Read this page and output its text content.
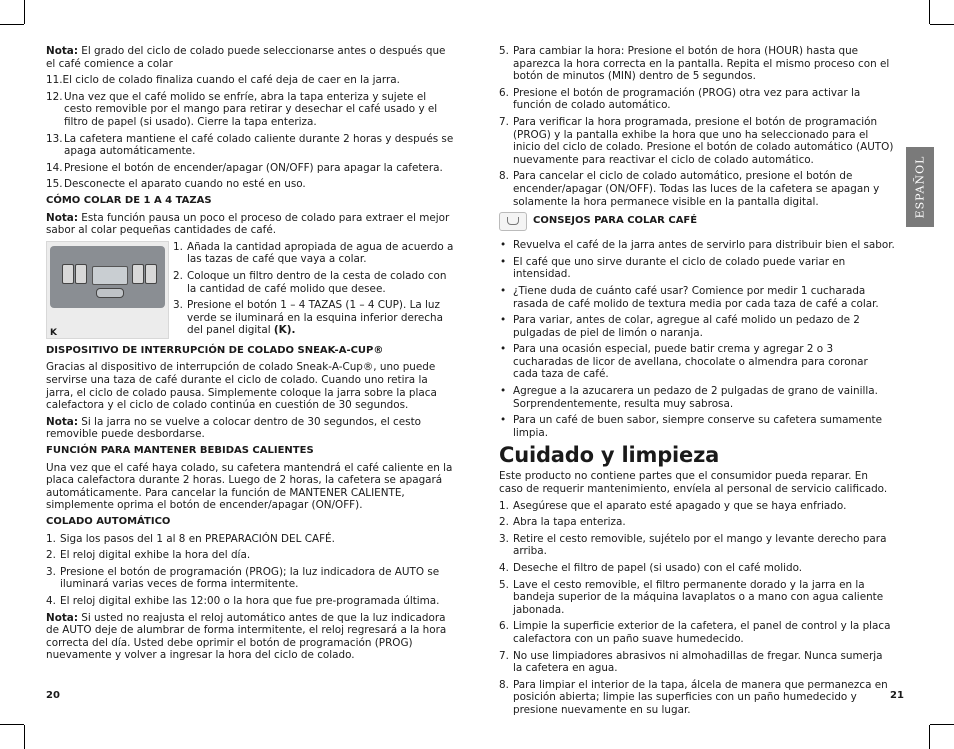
Nota: El grado del ciclo de colado puede seleccionarse antes o después que el café comience a colar

11.El ciclo de colado finaliza cuando el café deja de caer en la jarra.

12. Una vez que el café molido se enfríe, abra la tapa enteriza y sujete el cesto removible por el mango para retirar y desechar el café usado y el filtro de papel (si usado). Cierre la tapa enteriza.
13. La cafetera mantiene el café colado caliente durante 2 horas y después se apaga automáticamente.
14. Presione el botón de encender/apagar (ON/OFF) para apagar la cafetera.
15. Desconecte el aparato cuando no esté en uso.

CÓMO COLAR DE 1 A 4 TAZAS

Nota: Esta función pausa un poco el proceso de colado para extraer el mejor sabor al colar pequeñas cantidades de café.

K
1. Añada la cantidad apropiada de agua de acuerdo a las tazas de café que vaya a colar.
2. Coloque un filtro dentro de la cesta de colado con la cantidad de café molido que desee.
3. Presione el botón 1 – 4 TAZAS (1 – 4 CUP). La luz verde se iluminará en la esquina inferior derecha del panel digital (K).

DISPOSITIVO DE INTERRUPCIÓN DE COLADO SNEAK-A-CUP®

Gracias al dispositivo de interrupción de colado Sneak-A-Cup®, uno puede servirse una taza de café durante el ciclo de colado. Cuando uno retira la jarra, el ciclo de colado pausa. Simplemente coloque la jarra sobre la placa calefactora y el ciclo de colado continúa en cuestión de 30 segundos.

Nota: Si la jarra no se vuelve a colocar dentro de 30 segundos, el cesto removible puede desbordarse.

FUNCIÓN PARA MANTENER BEBIDAS CALIENTES

Una vez que el café haya colado, su cafetera mantendrá el café caliente en la placa calefactora durante 2 horas. Luego de 2 horas, la cafetera se apagará automáticamente. Para cancelar la función de MANTENER CALIENTE, simplemente oprima el botón de encender/apagar (ON/OFF).

COLADO AUTOMÁTICO

1. Siga los pasos del 1 al 8 en PREPARACIÓN DEL CAFÉ.
2. El reloj digital exhibe la hora del día.
3. Presione el botón de programación (PROG); la luz indicadora de AUTO se iluminará varias veces de forma intermitente.
4. El reloj digital exhibe las 12:00 o la hora que fue pre-programada última.

Nota: Si usted no reajusta el reloj automático antes de que la luz indicadora de AUTO deje de alumbrar de forma intermitente, el reloj regresará a la hora correcta del día. Usted debe oprimir el botón de programación (PROG) nuevamente y volver a ingresar la hora del ciclo de colado.

5. Para cambiar la hora: Presione el botón de hora (HOUR) hasta que aparezca la hora correcta en la pantalla. Repita el mismo proceso con el botón de minutos (MIN) dentro de 5 segundos.
6. Presione el botón de programación (PROG) otra vez para activar la función de colado automático.
7. Para verificar la hora programada, presione el botón de programación (PROG) y la pantalla exhibe la hora que uno ha seleccionado para el inicio del ciclo de colado. Presione el botón de colado automático (AUTO) nuevamente para reactivar el ciclo de colado automático.
8. Para cancelar el ciclo de colado automático, presione el botón de encender/apagar (ON/OFF). Todas las luces de la cafetera se apagan y solamente la hora permanece visible en la pantalla digital.
CONSEJOS PARA COLAR CAFÉ
• Revuelva el café de la jarra antes de servirlo para distribuir bien el sabor.
• El café que uno sirve durante el ciclo de colado puede variar en intensidad.
• ¿Tiene duda de cuánto café usar? Comience por medir 1 cucharada rasada de café molido de textura media por cada taza de café a colar.
• Para variar, antes de colar, agregue al café molido un pedazo de 2 pulgadas de piel de limón o naranja.
• Para una ocasión especial, puede batir crema y agregar 2 o 3 cucharadas de licor de avellana, chocolate o almendra para coronar cada taza de café.
• Agregue a la azucarera un pedazo de 2 pulgadas de grano de vainilla. Sorprendentemente, resulta muy sabrosa.
• Para un café de buen sabor, siempre conserve su cafetera sumamente limpia.
Cuidado y limpieza

Este producto no contiene partes que el consumidor pueda reparar. En caso de requerir mantenimiento, envíela al personal de servicio calificado.

1. Asegúrese que el aparato esté apagado y que se haya enfriado.
2. Abra la tapa enteriza.
3. Retire el cesto removible, sujételo por el mango y levante derecho para arriba.
4. Deseche el filtro de papel (si usado) con el café molido.
5. Lave el cesto removible, el filtro permanente dorado y la jarra en la bandeja superior de la máquina lavaplatos o a mano con agua caliente jabonada.
6. Limpie la superficie exterior de la cafetera, el panel de control y la placa calefactora con un paño suave humedecido.
7. No use limpiadores abrasivos ni almohadillas de fregar. Nunca sumerja la cafetera en agua.
8. Para limpiar el interior de la tapa, álcela de manera que permanezca en posición abierta; limpie las superficies con un paño humedecido y presione nuevamente en su lugar.
ESPAÑOL
20	21
